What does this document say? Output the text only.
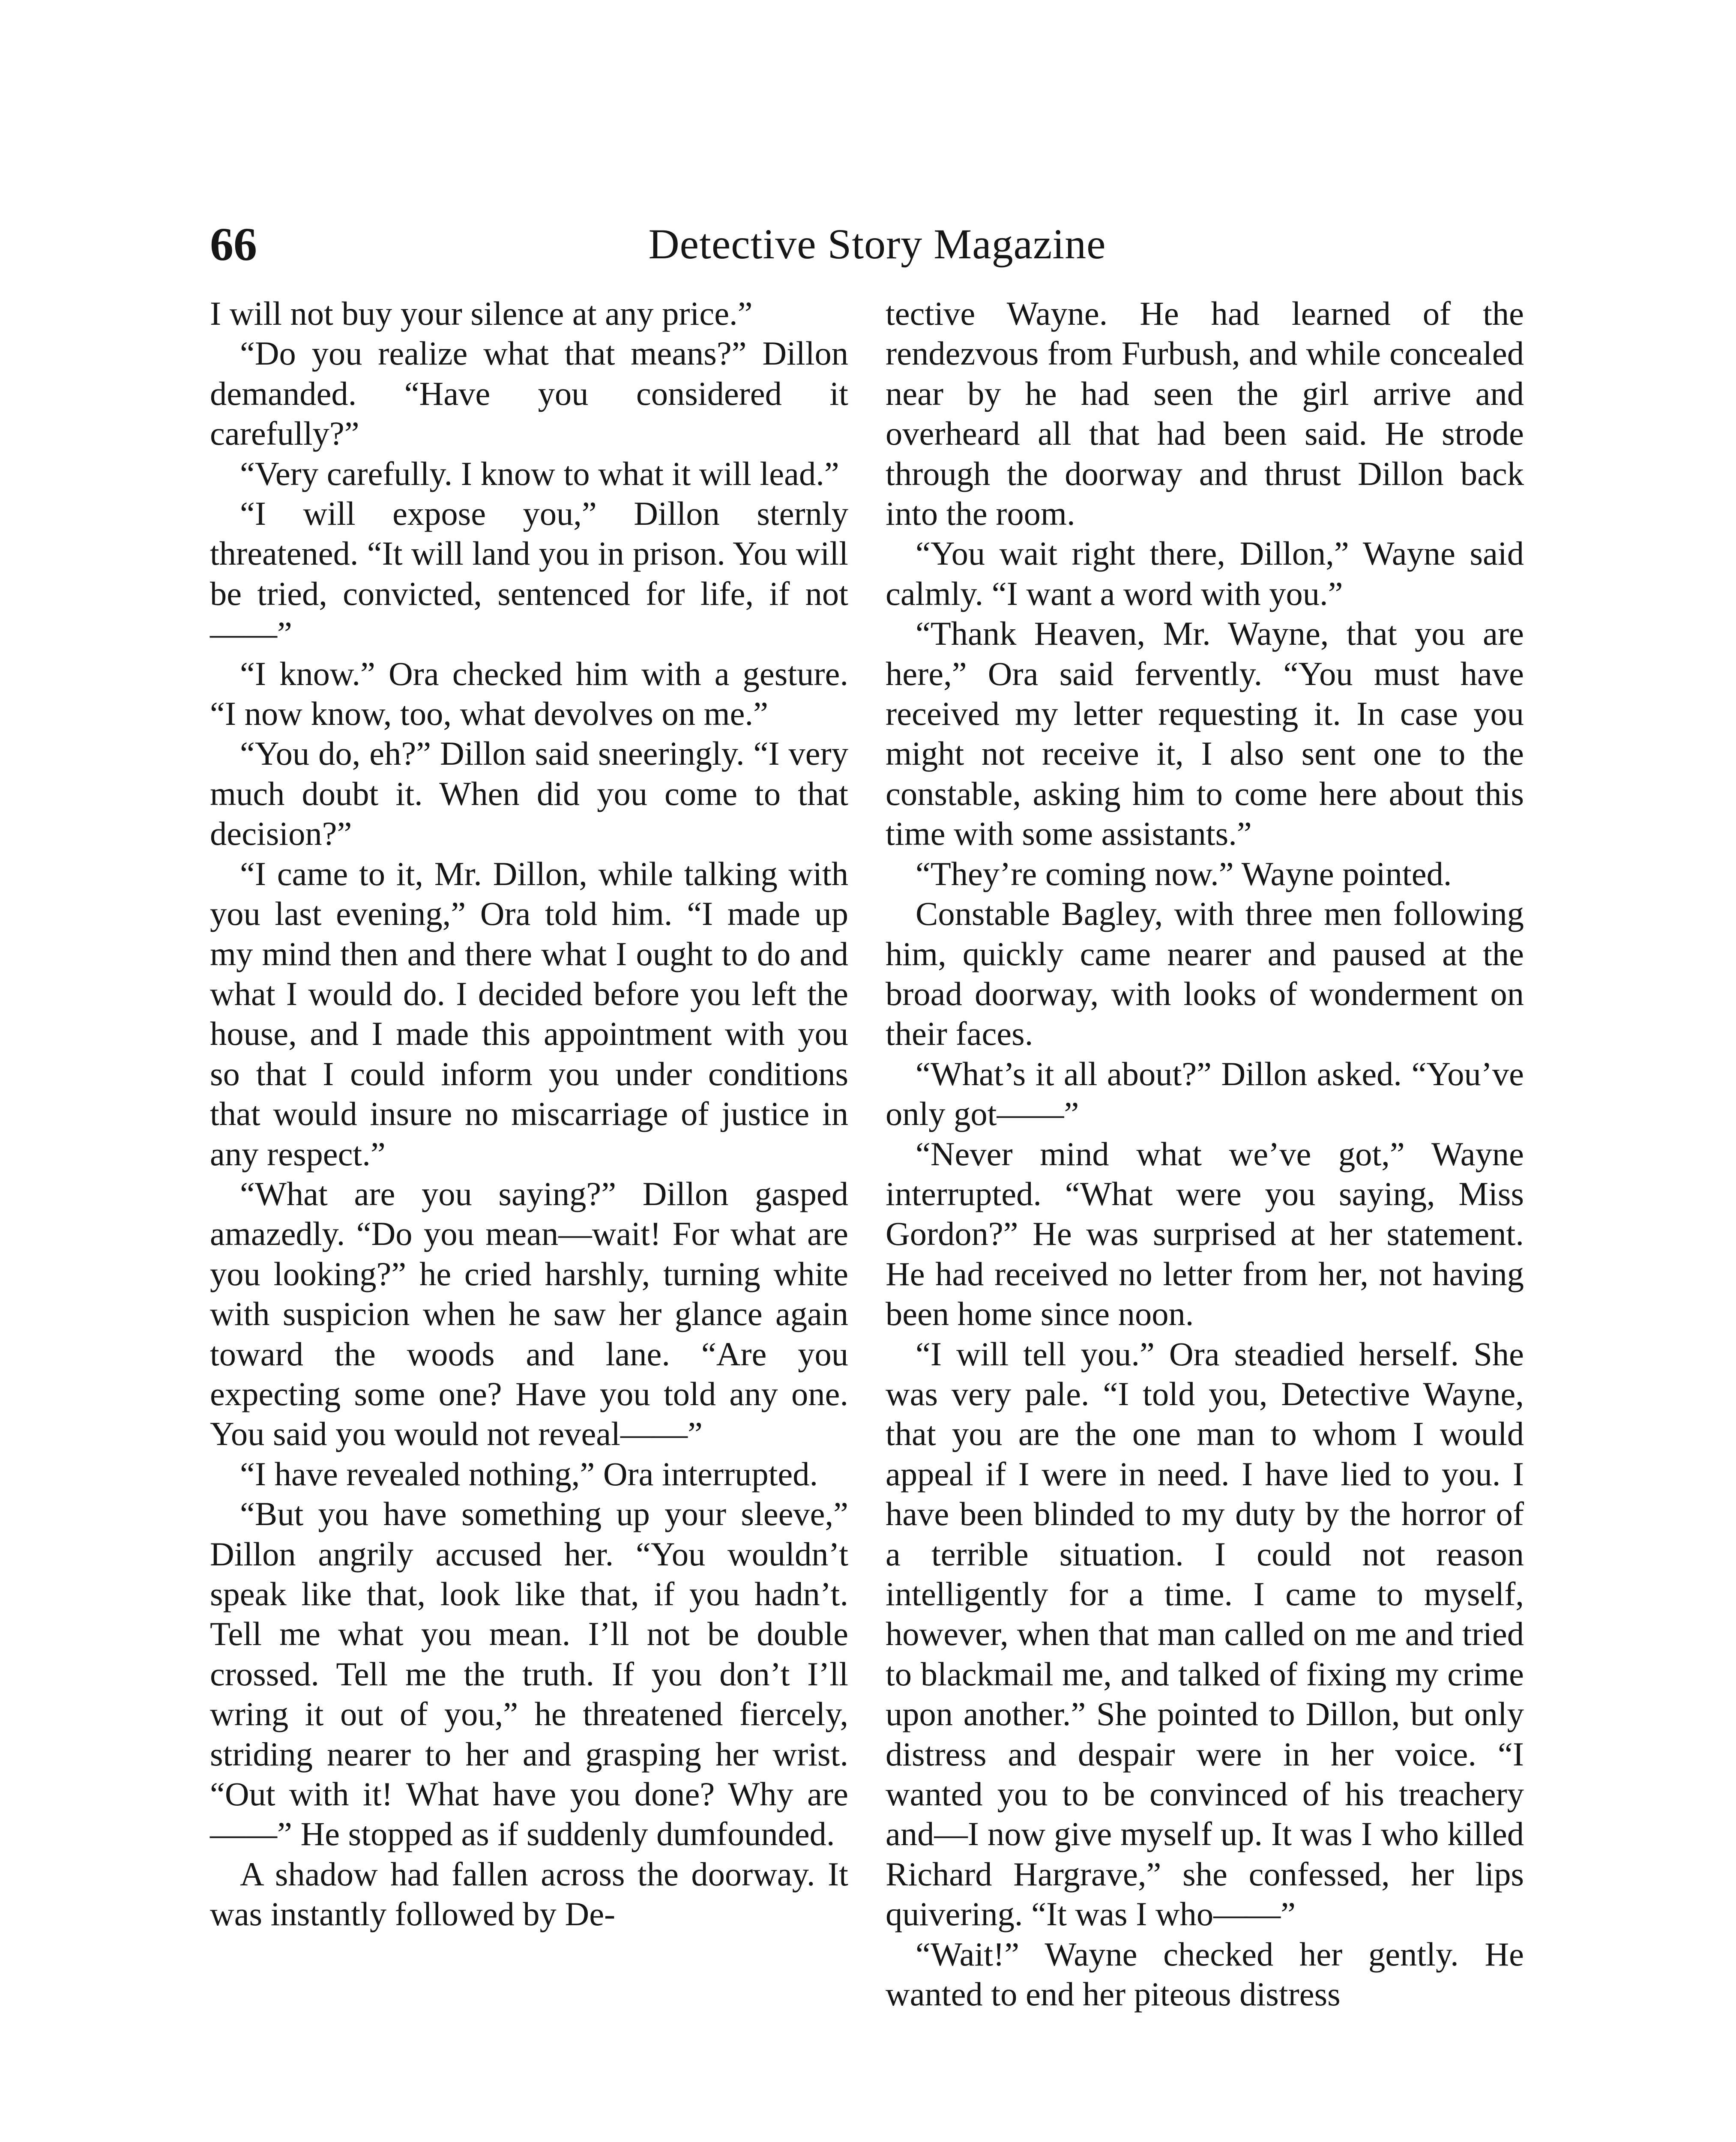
66	Detective Story Magazine

I will not buy your silence at any price.”

“Do you realize what that means?” Dillon demanded. “Have you considered it carefully?”

“Very carefully. I know to what it will lead.”

“I will expose you,” Dillon sternly threatened. “It will land you in prison. You will be tried, convicted, sentenced for life, if not——”

“I know.” Ora checked him with a gesture. “I now know, too, what devolves on me.”

“You do, eh?” Dillon said sneeringly. “I very much doubt it. When did you come to that decision?”

“I came to it, Mr. Dillon, while talking with you last evening,” Ora told him. “I made up my mind then and there what I ought to do and what I would do. I decided before you left the house, and I made this appointment with you so that I could inform you under conditions that would insure no miscarriage of justice in any respect.”

“What are you saying?” Dillon gasped amazedly. “Do you mean—wait! For what are you looking?” he cried harshly, turning white with suspicion when he saw her glance again toward the woods and lane. “Are you expecting some one? Have you told any one. You said you would not reveal——”

“I have revealed nothing,” Ora interrupted.

“But you have something up your sleeve,” Dillon angrily accused her. “You wouldn’t speak like that, look like that, if you hadn’t. Tell me what you mean. I’ll not be double crossed. Tell me the truth. If you don’t I’ll wring it out of you,” he threatened fiercely, striding nearer to her and grasping her wrist. “Out with it! What have you done? Why are——” He stopped as if suddenly dumfounded.

A shadow had fallen across the doorway. It was instantly followed by De-

tective Wayne. He had learned of the rendezvous from Furbush, and while concealed near by he had seen the girl arrive and overheard all that had been said. He strode through the doorway and thrust Dillon back into the room.

“You wait right there, Dillon,” Wayne said calmly. “I want a word with you.”

“Thank Heaven, Mr. Wayne, that you are here,” Ora said fervently. “You must have received my letter requesting it. In case you might not receive it, I also sent one to the constable, asking him to come here about this time with some assistants.”

“They’re coming now.” Wayne pointed.

Constable Bagley, with three men following him, quickly came nearer and paused at the broad doorway, with looks of wonderment on their faces.

“What’s it all about?” Dillon asked. “You’ve only got——”

“Never mind what we’ve got,” Wayne interrupted. “What were you saying, Miss Gordon?” He was surprised at her statement. He had received no letter from her, not having been home since noon.

“I will tell you.” Ora steadied herself. She was very pale. “I told you, Detective Wayne, that you are the one man to whom I would appeal if I were in need. I have lied to you. I have been blinded to my duty by the horror of a terrible situation. I could not reason intelligently for a time. I came to myself, however, when that man called on me and tried to blackmail me, and talked of fixing my crime upon another.” She pointed to Dillon, but only distress and despair were in her voice. “I wanted you to be convinced of his treachery and—I now give myself up. It was I who killed Richard Hargrave,” she confessed, her lips quivering. “It was I who——”

“Wait!” Wayne checked her gently. He wanted to end her piteous distress
